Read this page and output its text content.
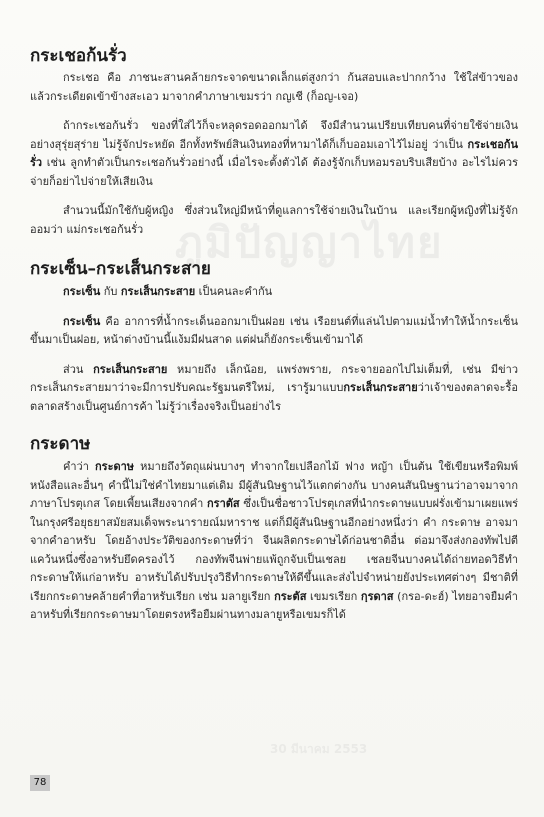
ภูมิปัญญาไทย
30 มีนาคม 2553
กระเชอก้นรั่ว

กระเชอ คือ ภาชนะสานคล้ายกระจาดขนาดเล็กแต่สูงกว่า ก้นสอบและปากกว้าง ใช้ใส่ข้าวของ แล้วกระเดียดเข้าข้างสะเอว มาจากคำภาษาเขมรว่า กญเชี (ก็อญ-เจอ)

ถ้ากระเชอก้นรั่ว ของที่ใส่ไว้ก็จะหลุดรอดออกมาได้ จึงมีสำนวนเปรียบเทียบคนที่จ่ายใช้จ่ายเงินอย่างสุรุ่ยสุร่าย ไม่รู้จักประหยัด อีกทั้งทรัพย์สินเงินทองที่หามาได้ก็เก็บออมเอาไว้ไม่อยู่ ว่าเป็น กระเชอก้นรั่ว เช่น ลูกทำตัวเป็นกระเชอก้นรั่วอย่างนี้ เมื่อไรจะตั้งตัวได้ ต้องรู้จักเก็บหอมรอบริบเสียบ้าง อะไรไม่ควรจ่ายก็อย่าไปจ่ายให้เสียเงิน

สำนวนนี้มักใช้กับผู้หญิง ซึ่งส่วนใหญ่มีหน้าที่ดูแลการใช้จ่ายเงินในบ้าน และเรียกผู้หญิงที่ไม่รู้จักออมว่า แม่กระเชอก้นรั่ว

กระเซ็น–กระเส็นกระสาย

กระเซ็น กับ กระเส็นกระสาย เป็นคนละคำกัน

กระเซ็น คือ อาการที่น้ำกระเด็นออกมาเป็นฝอย เช่น เรือยนต์ที่แล่นไปตามแม่น้ำทำให้น้ำกระเซ็นขึ้นมาเป็นฝอย, หน้าต่างบ้านนี้แง้มมีฝนสาด แต่ฝนก็ยังกระเซ็นเข้ามาได้

ส่วน กระเส็นกระสาย หมายถึง เล็กน้อย, แพร่งพราย, กระจายออกไปไม่เต็มที่, เช่น มีข่าวกระเส็นกระสายมาว่าจะมีการปรับคณะรัฐมนตรีใหม่, เรารู้มาแบบกระเส็นกระสายว่าเจ้าของตลาดจะรื้อตลาดสร้างเป็นศูนย์การค้า ไม่รู้ว่าเรื่องจริงเป็นอย่างไร

กระดาษ

คำว่า กระดาษ หมายถึงวัตถุแผ่นบางๆ ทำจากใยเปลือกไม้ ฟาง หญ้า เป็นต้น ใช้เขียนหรือพิมพ์หนังสือและอื่นๆ คำนี้ไม่ใช่คำไทยมาแต่เดิม มีผู้สันนิษฐานไว้แตกต่างกัน บางคนสันนิษฐานว่าอาจมาจากภาษาโปรตุเกส โดยเพี้ยนเสียงจากคำ กราตัส ซึ่งเป็นชื่อชาวโปรตุเกสที่นำกระดาษแบบฝรั่งเข้ามาเผยแพร่ในกรุงศรีอยุธยาสมัยสมเด็จพระนารายณ์มหาราช แต่ก็มีผู้สันนิษฐานอีกอย่างหนึ่งว่า คำ กระดาษ อาจมาจากคำอาหรับ โดยอ้างประวัติของกระดาษที่ว่า จีนผลิตกระดาษได้ก่อนชาติอื่น ต่อมาจึงส่งกองทัพไปตีแคว้นหนึ่งซึ่งอาหรับยึดครองไว้ กองทัพจีนพ่ายแพ้ถูกจับเป็นเชลย เชลยจีนบางคนได้ถ่ายทอดวิธีทำกระดาษให้แก่อาหรับ อาหรับได้ปรับปรุงวิธีทำกระดาษให้ดีขึ้นและส่งไปจำหน่ายยังประเทศต่างๆ มีชาติที่เรียกกระดาษคล้ายคำที่อาหรับเรียก เช่น มลายูเรียก กระตัส เขมรเรียก กฺรดาส (กรอ-ดะฮ์) ไทยอาจยืมคำอาหรับที่เรียกกระดาษมาโดยตรงหรือยืมผ่านทางมลายูหรือเขมรก็ได้

78
